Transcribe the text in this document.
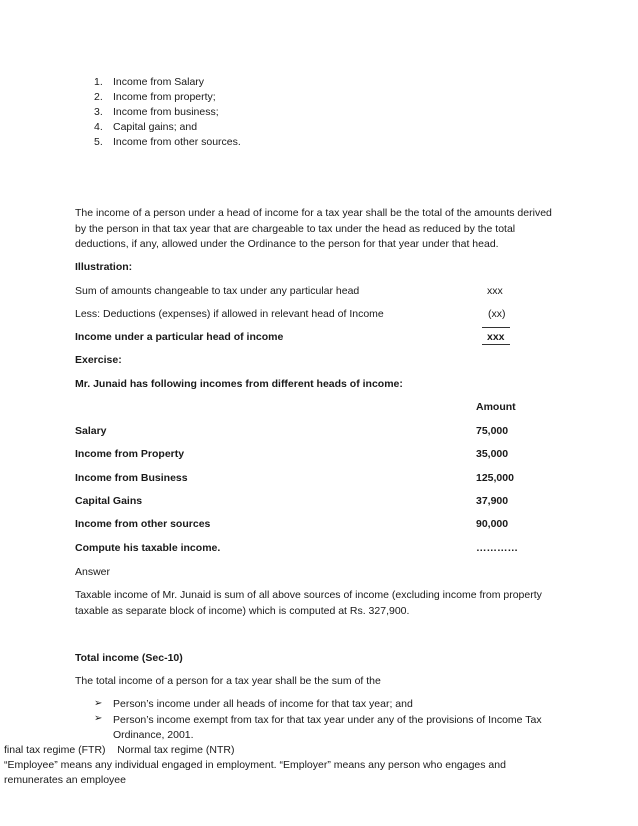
1. Income from Salary
2. Income from property;
3. Income from business;
4. Capital gains; and
5. Income from other sources.
The income of a person under a head of income for a tax year shall be the total of the amounts derived by the person in that tax year that are chargeable to tax under the head as reduced by the total deductions, if any, allowed under the Ordinance to the person for that year under that head.
Illustration:
Sum of amounts changeable to tax under any particular head	xxx
Less: Deductions (expenses) if allowed in relevant head of Income	(xx)
Income under a particular head of income	xxx
Exercise:
Mr. Junaid has following incomes from different heads of income:
Amount
Salary	75,000
Income from Property	35,000
Income from Business	125,000
Capital Gains	37,900
Income from other sources	90,000
Compute his taxable income.	…………
Answer
Taxable income of Mr. Junaid is sum of all above sources of income (excluding income from property taxable as separate block of income) which is computed at Rs. 327,900.
Total income (Sec-10)
The total income of a person for a tax year shall be the sum of the
➢ Person’s income under all heads of income for that tax year; and
➢ Person’s income exempt from tax for that tax year under any of the provisions of Income Tax Ordinance, 2001.
final tax regime (FTR)    Normal tax regime (NTR)
“Employee” means any individual engaged in employment. “Employer” means any person who engages and remunerates an employee
